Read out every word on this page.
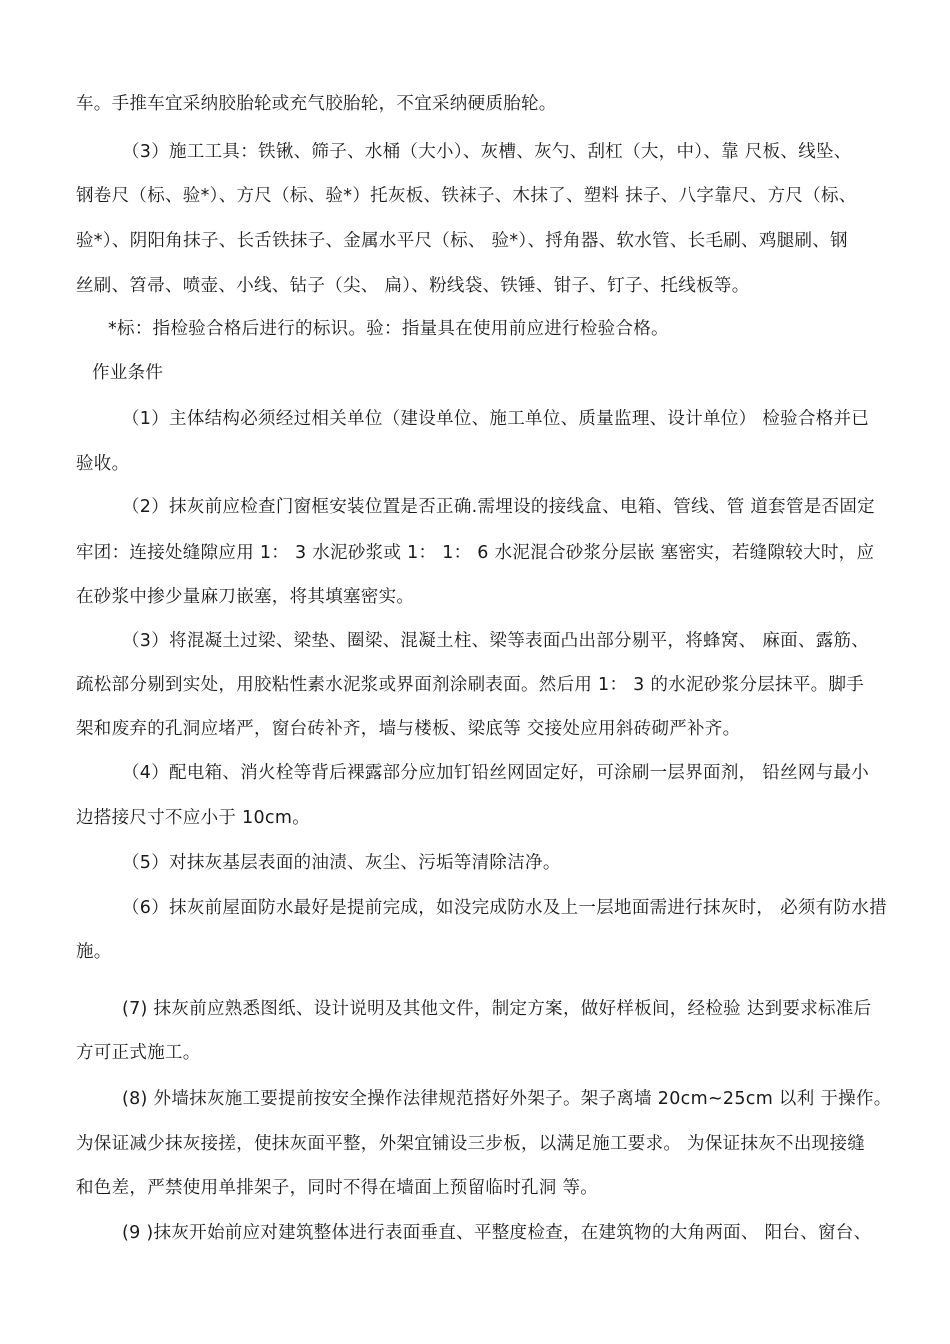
车。手推车宜采纳胶胎轮或充气胶胎轮，不宜采纳硬质胎轮。
（3）施工工具：铁锹、筛子、水桶（大小）、灰槽、灰勺、刮杠（大，中）、靠 尺板、线坠、
钢卷尺（标、验*）、方尺（标、验*）托灰板、铁袜子、木抹了、塑料 抹子、八字靠尺、方尺（标、
验*）、阴阳角抹子、长舌铁抹子、金属水平尺（标、 验*）、捋角器、软水管、长毛刷、鸡腿刷、钢
丝刷、笤帚、喷壶、小线、钻子（尖、 扁）、粉线袋、铁锤、钳子、钉子、托线板等。
*标：指检验合格后进行的标识。验：指量具在使用前应进行检验合格。
作业条件
（1）主体结构必须经过相关单位（建设单位、施工单位、质量监理、设计单位） 检验合格并已
验收。
（2）抹灰前应检查门窗框安装位置是否正确.需埋设的接线盒、电箱、管线、管 道套管是否固定
牢团：连接处缝隙应用 1： 3 水泥砂浆或 1： 1： 6 水泥混合砂浆分层嵌 塞密实，若缝隙较大时，应
在砂浆中掺少量麻刀嵌塞，将其填塞密实。
（3）将混凝土过梁、梁垫、圈梁、混凝土柱、梁等表面凸出部分剔平，将蜂窝、 麻面、露筋、
疏松部分剔到实处，用胶粘性素水泥浆或界面剂涂刷表面。然后用 1： 3 的水泥砂浆分层抹平。脚手
架和废弃的孔洞应堵严，窗台砖补齐，墙与楼板、梁底等 交接处应用斜砖砌严补齐。
（4）配电箱、消火栓等背后裸露部分应加钉铅丝网固定好，可涂刷一层界面剂， 铅丝网与最小
边搭接尺寸不应小于 10cm。
（5）对抹灰基层表面的油渍、灰尘、污垢等清除洁净。
（6）抹灰前屋面防水最好是提前完成，如没完成防水及上一层地面需进行抹灰时， 必须有防水措
施。
(7) 抹灰前应熟悉图纸、设计说明及其他文件，制定方案，做好样板间，经检验 达到要求标准后
方可正式施工。
(8) 外墙抹灰施工要提前按安全操作法律规范搭好外架子。架子离墙 20cm~25cm 以利 于操作。
为保证减少抹灰接搓，使抹灰面平整，外架宜铺设三步板，以满足施工要求。 为保证抹灰不出现接缝
和色差，严禁使用单排架子，同时不得在墙面上预留临时孔洞 等。
(9 )抹灰开始前应对建筑整体进行表面垂直、平整度检查，在建筑物的大角两面、 阳台、窗台、
